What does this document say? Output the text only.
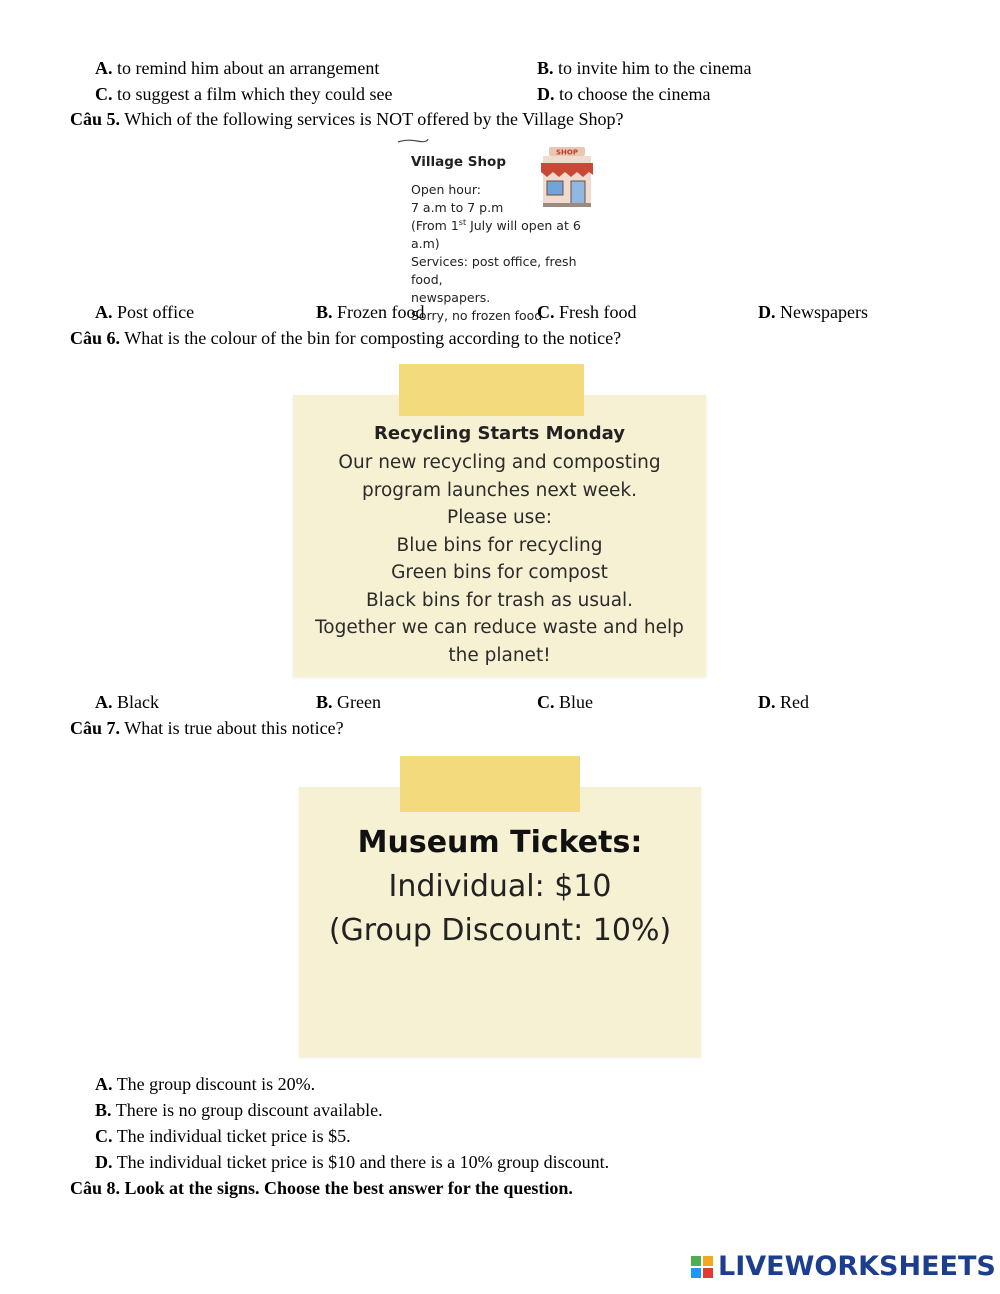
A. to remind him about an arrangement	B. to invite him to the cinema
C. to suggest a film which they could see	D. to choose the cinema
Câu 5. Which of the following services is NOT offered by the Village Shop?
Village Shop
Open hour:
7 a.m to 7 p.m
(From 1st July will open at 6 a.m)
Services: post office, fresh food,
newspapers.
Sorry, no frozen food
SHOP
A. Post office	B. Frozen food	C. Fresh food	D. Newspapers
Câu 6. What is the colour of the bin for composting according to the notice?
Recycling Starts Monday
Our new recycling and composting
program launches next week.
Please use:
Blue bins for recycling
Green bins for compost
Black bins for trash as usual.
Together we can reduce waste and help
the planet!
A. Black	B. Green	C. Blue	D. Red
Câu 7. What is true about this notice?
Museum Tickets:
Individual: $10
(Group Discount: 10%)
A. The group discount is 20%.
B. There is no group discount available.
C. The individual ticket price is $5.
D. The individual ticket price is $10 and there is a 10% group discount.
Câu 8. Look at the signs. Choose the best answer for the question.
LIVEWORKSHEETS
